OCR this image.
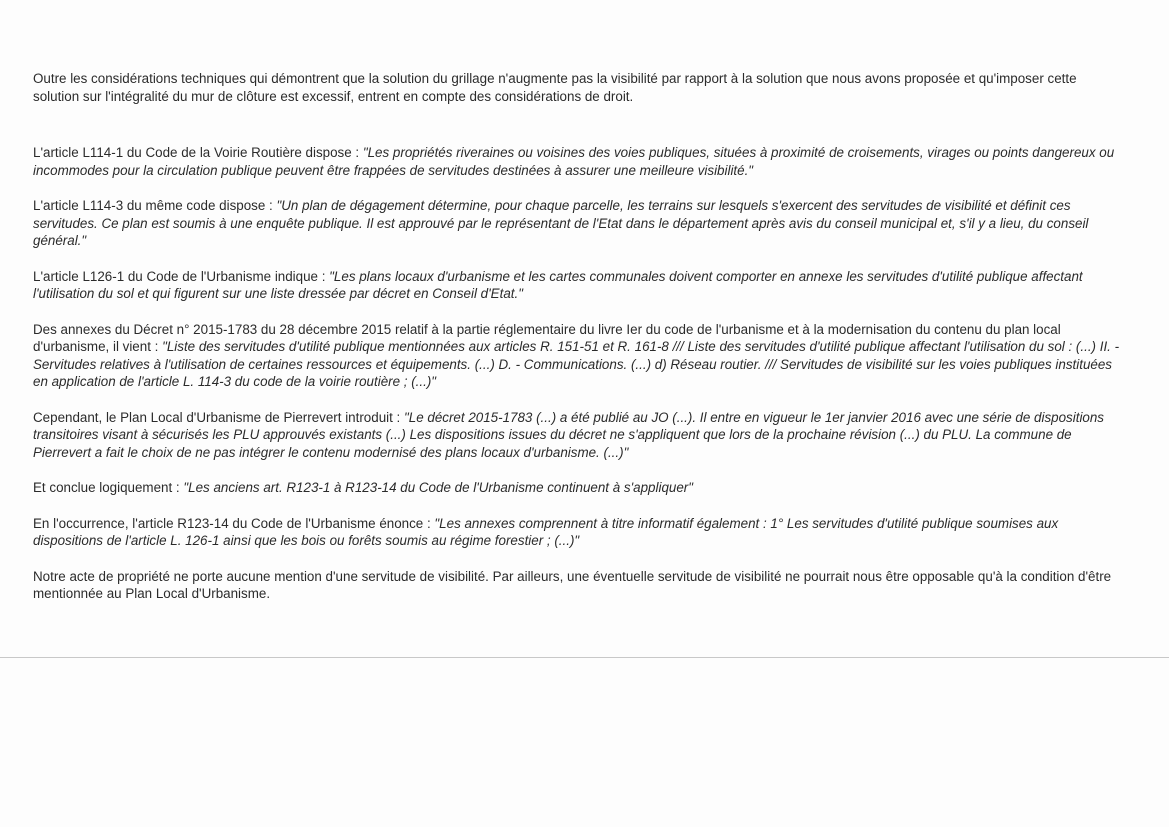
Outre les considérations techniques qui démontrent que la solution du grillage n'augmente pas la visibilité par rapport à la solution que nous avons proposée et qu'imposer cette solution sur l'intégralité du mur de clôture est excessif, entrent en compte des considérations de droit.

L'article L114-1 du Code de la Voirie Routière dispose : "Les propriétés riveraines ou voisines des voies publiques, situées à proximité de croisements, virages ou points dangereux ou incommodes pour la circulation publique peuvent être frappées de servitudes destinées à assurer une meilleure visibilité."

L'article L114-3 du même code dispose : "Un plan de dégagement détermine, pour chaque parcelle, les terrains sur lesquels s'exercent des servitudes de visibilité et définit ces servitudes. Ce plan est soumis à une enquête publique. Il est approuvé par le représentant de l'Etat dans le département après avis du conseil municipal et, s'il y a lieu, du conseil général."

L'article L126-1 du Code de l'Urbanisme indique : "Les plans locaux d'urbanisme et les cartes communales doivent comporter en annexe les servitudes d'utilité publique affectant l'utilisation du sol et qui figurent sur une liste dressée par décret en Conseil d'Etat."

Des annexes du Décret n° 2015-1783 du 28 décembre 2015 relatif à la partie réglementaire du livre Ier du code de l'urbanisme et à la modernisation du contenu du plan local d'urbanisme, il vient : "Liste des servitudes d'utilité publique mentionnées aux articles R. 151-51 et R. 161-8 /// Liste des servitudes d'utilité publique affectant l'utilisation du sol : (...) II. - Servitudes relatives à l'utilisation de certaines ressources et équipements. (...) D. - Communications. (...) d) Réseau routier. /// Servitudes de visibilité sur les voies publiques instituées en application de l'article L. 114-3 du code de la voirie routière ; (...)"

Cependant, le Plan Local d'Urbanisme de Pierrevert introduit : "Le décret 2015-1783 (...) a été publié au JO (...). Il entre en vigueur le 1er janvier 2016 avec une série de dispositions transitoires visant à sécurisés les PLU approuvés existants (...) Les dispositions issues du décret ne s'appliquent que lors de la prochaine révision (...) du PLU. La commune de Pierrevert a fait le choix de ne pas intégrer le contenu modernisé des plans locaux d'urbanisme. (...)"

Et conclue logiquement : "Les anciens art. R123-1 à R123-14 du Code de l'Urbanisme continuent à s'appliquer"

En l'occurrence, l'article R123-14 du Code de l'Urbanisme énonce : "Les annexes comprennent à titre informatif également : 1° Les servitudes d'utilité publique soumises aux dispositions de l'article L. 126-1 ainsi que les bois ou forêts soumis au régime forestier ; (...)"

Notre acte de propriété ne porte aucune mention d'une servitude de visibilité. Par ailleurs, une éventuelle servitude de visibilité ne pourrait nous être opposable qu'à la condition d'être mentionnée au Plan Local d'Urbanisme.
